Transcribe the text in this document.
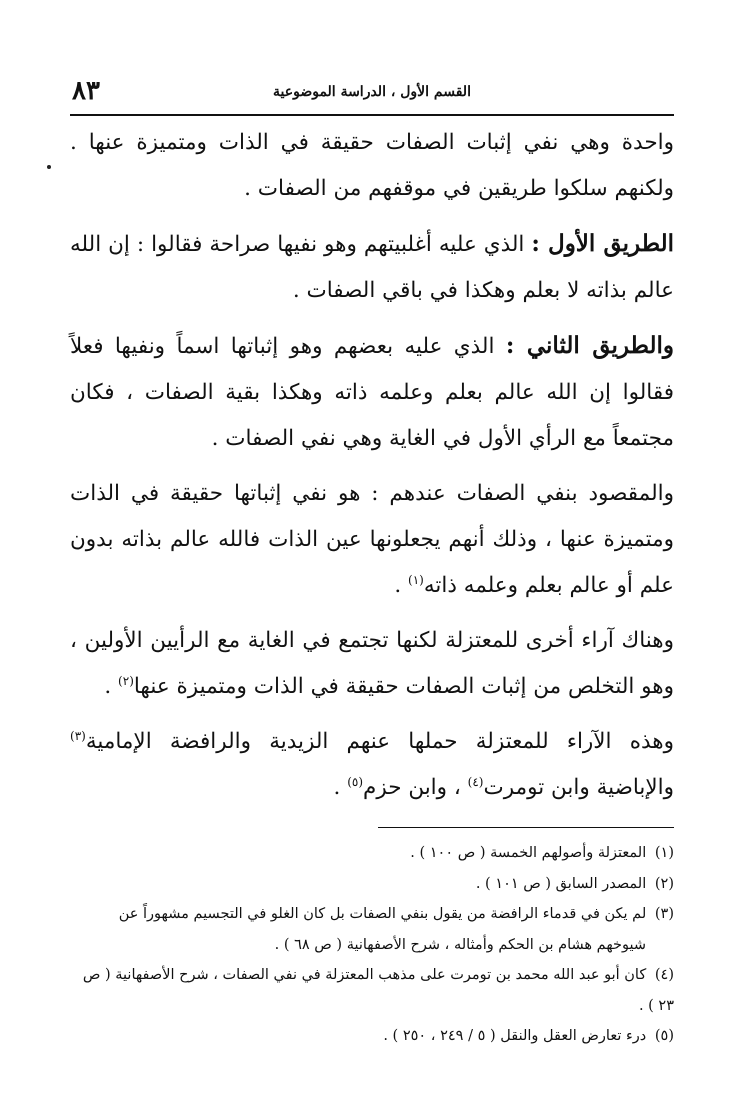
القسم الأول ، الدراسة الموضوعية
٨٣

واحدة وهي نفي إثبات الصفات حقيقة في الذات ومتميزة عنها . ولكنهم سلكوا طريقين في موقفهم من الصفات .

الطريق الأول : الذي عليه أغلبيتهم وهو نفيها صراحة فقالوا : إن الله عالم بذاته لا بعلم وهكذا في باقي الصفات .

والطريق الثاني : الذي عليه بعضهم وهو إثباتها اسماً ونفيها فعلاً فقالوا إن الله عالم بعلم وعلمه ذاته وهكذا بقية الصفات ، فكان مجتمعاً مع الرأي الأول في الغاية وهي نفي الصفات .

والمقصود بنفي الصفات عندهم : هو نفي إثباتها حقيقة في الذات ومتميزة عنها ، وذلك أنهم يجعلونها عين الذات فالله عالم بذاته بدون علم أو عالم بعلم وعلمه ذاته$^{(١)}$ .

وهناك آراء أخرى للمعتزلة لكنها تجتمع في الغاية مع الرأيين الأولين ، وهو التخلص من إثبات الصفات حقيقة في الذات ومتميزة عنها$^{(٢)}$ .

وهذه الآراء للمعتزلة حملها عنهم الزيدية والرافضة الإمامية$^{(٣)}$ والإباضية وابن تومرت$^{(٤)}$ ، وابن حزم$^{(٥)}$ .

(١) المعتزلة وأصولهم الخمسة ( ص ١٠٠ ) .

(٢) المصدر السابق ( ص ١٠١ ) .

(٣) لم يكن في قدماء الرافضة من يقول بنفي الصفات بل كان الغلو في التجسيم مشهوراً عن

شيوخهم هشام بن الحكم وأمثاله ، شرح الأصفهانية ( ص ٦٨ ) .

(٤) كان أبو عبد الله محمد بن تومرت على مذهب المعتزلة في نفي الصفات ، شرح الأصفهانية ( ص ٢٣ ) .

(٥) درء تعارض العقل والنقل ( ٥ / ٢٤٩ ، ٢٥٠ ) .
